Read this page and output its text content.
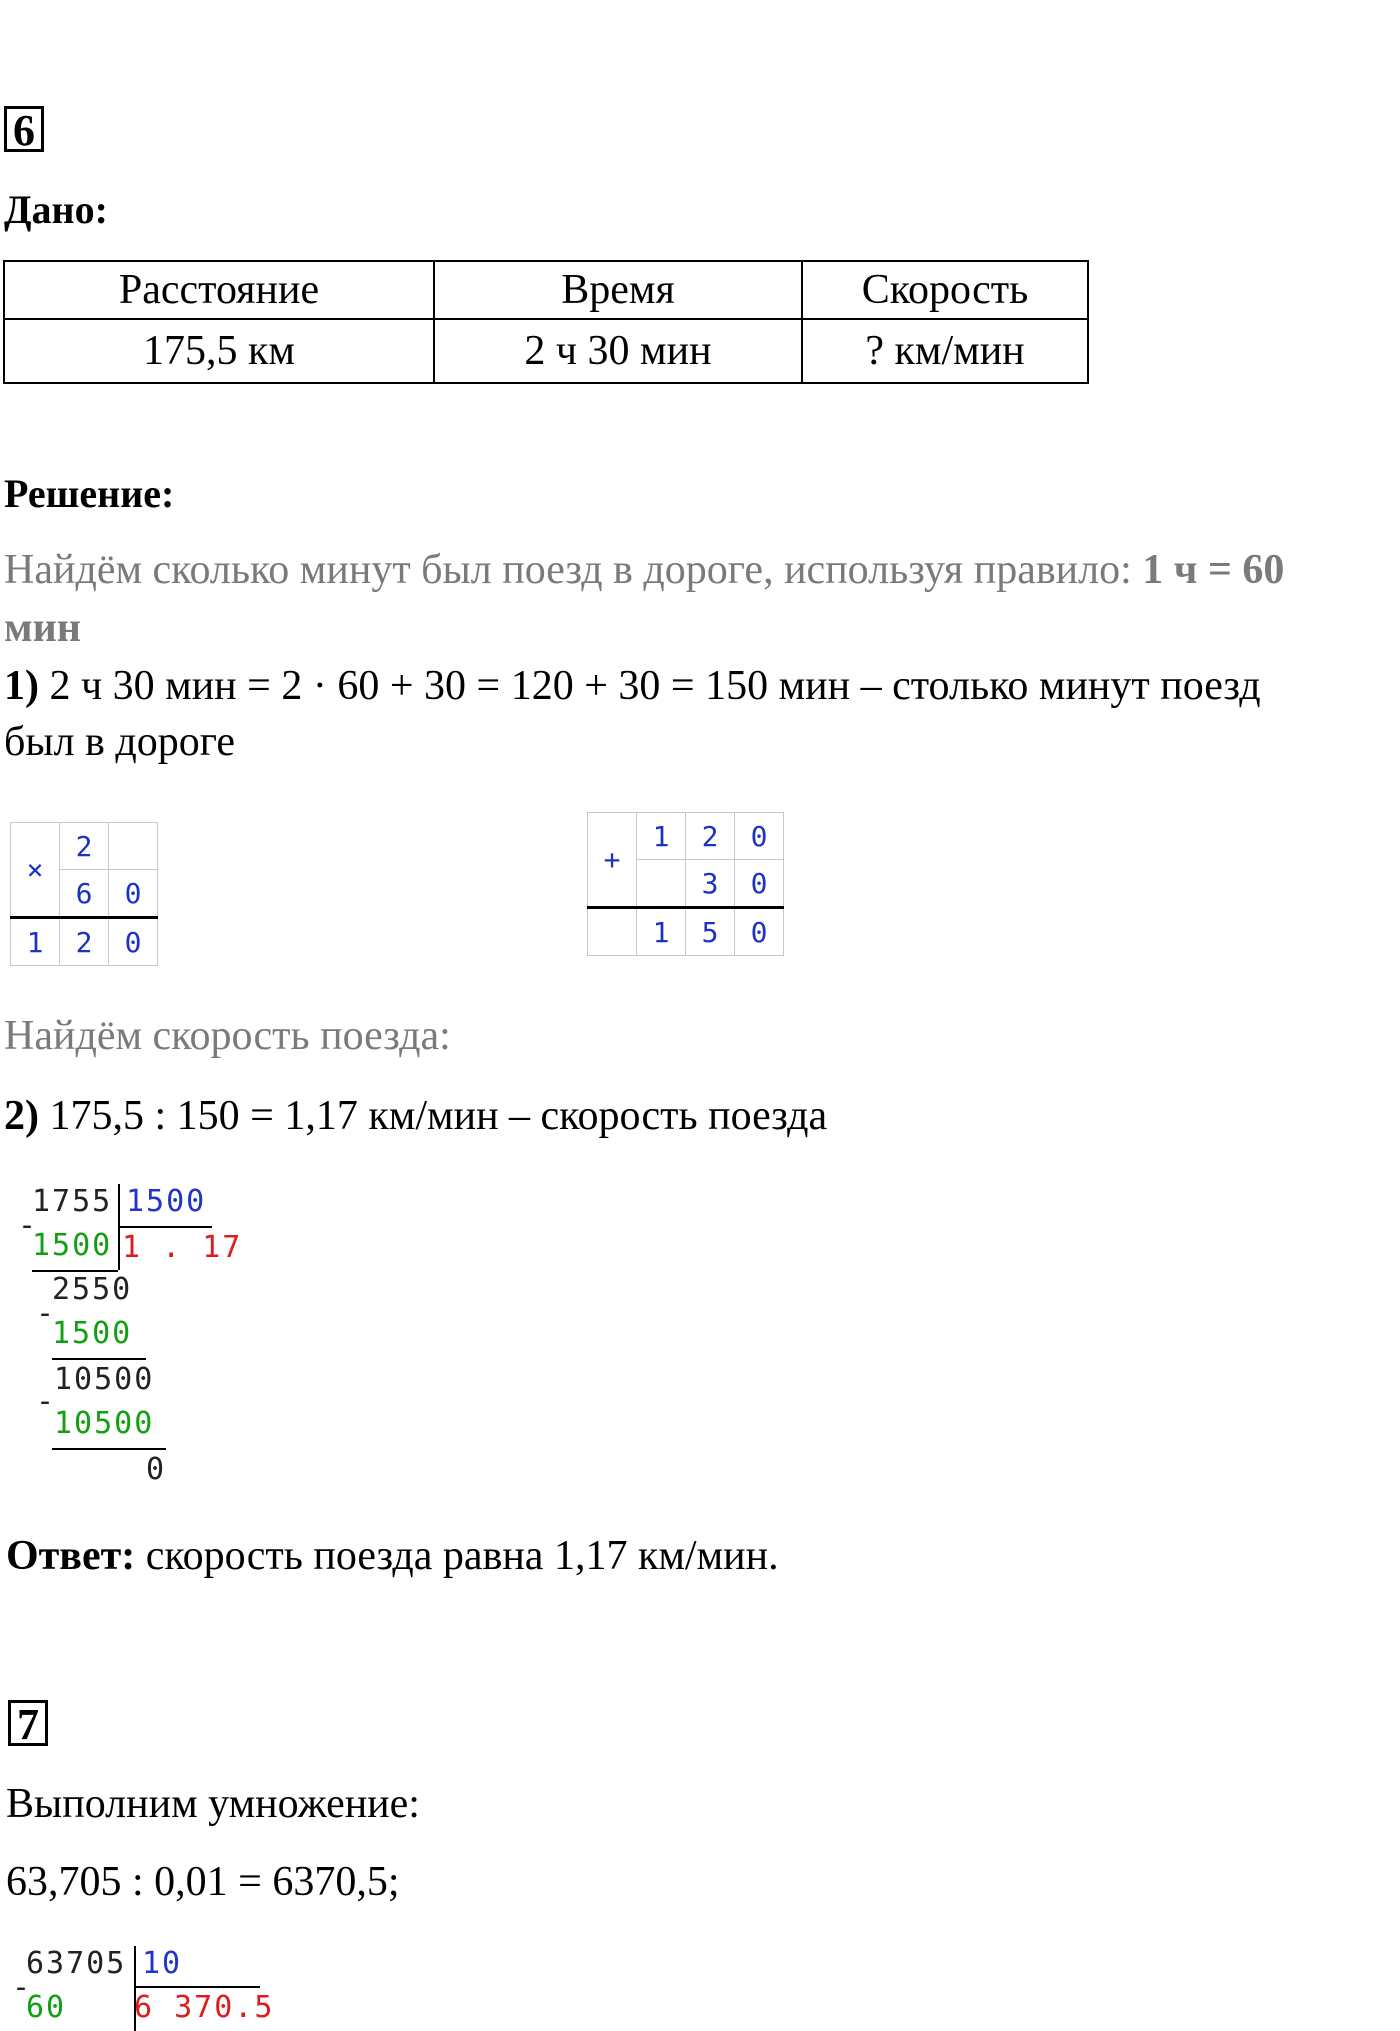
6
Дано:
Расстояние	Время	Скорость
175,5 км	2 ч 30 мин	? км/мин
Решение:
Найдём сколько минут был поезд в дороге, используя правило: 1 ч = 60
мин
1) 2 ч 30 мин = 2 · 60 + 30 = 120 + 30 = 150 мин – столько минут поезд
был в дороге
×	2	
	6	0
1	2	0
+	1	2	0
		3	0
	1	5	0
Найдём скорость поезда:
2) 175,5 : 150 = 1,17 км/мин – скорость поезда
1755 1500
-
1500 1 . 17
2550
-
1500
10500
-
10500
0
Ответ: скорость поезда равна 1,17 км/мин.
7
Выполним умножение:
63,705 : 0,01 = 6370,5;
63705 10
-
60 6 370.5
